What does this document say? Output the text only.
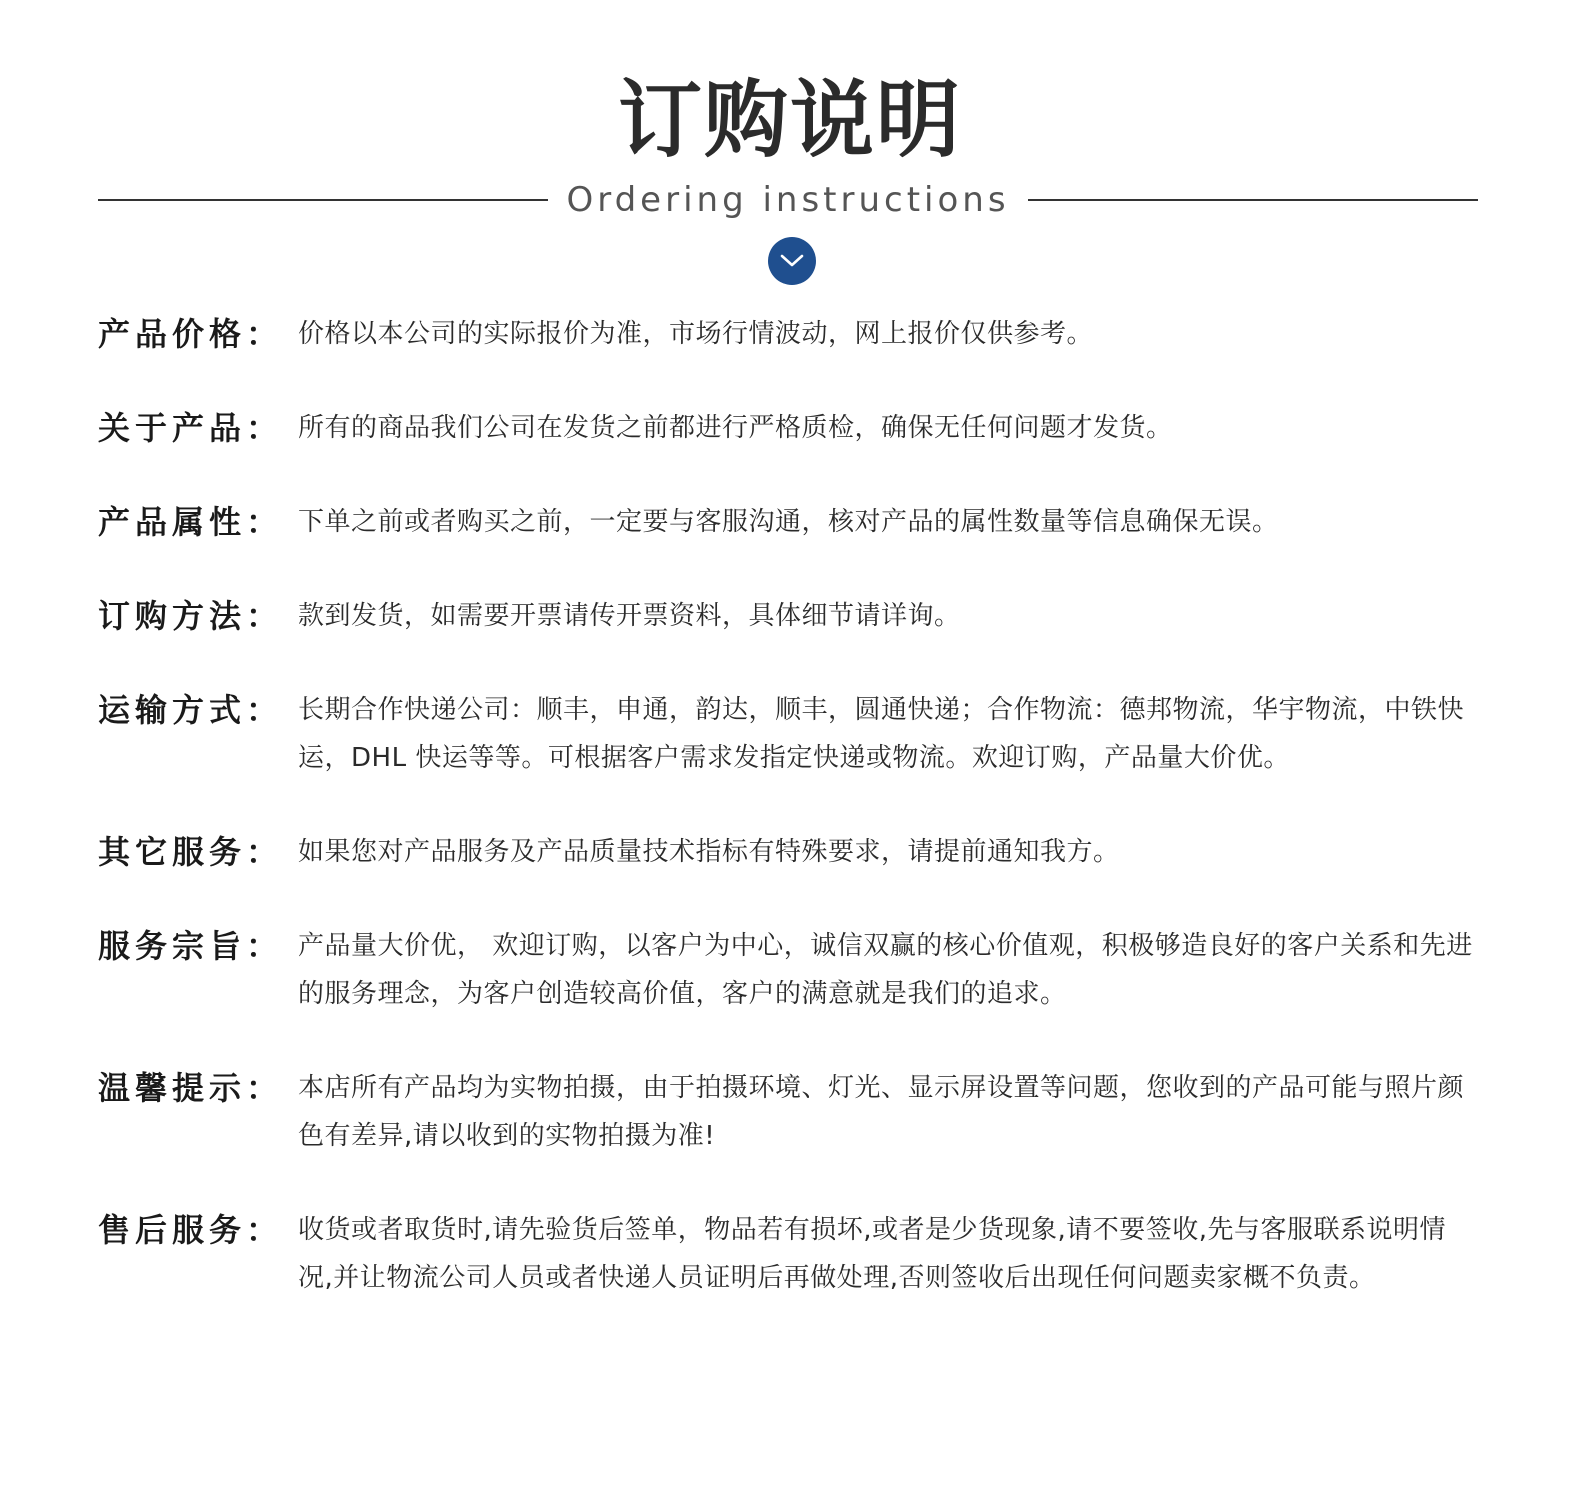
订购说明
Ordering instructions
产品价格： 价格以本公司的实际报价为准，市场行情波动，网上报价仅供参考。
关于产品： 所有的商品我们公司在发货之前都进行严格质检，确保无任何问题才发货。
产品属性： 下单之前或者购买之前，一定要与客服沟通，核对产品的属性数量等信息确保无误。
订购方法： 款到发货，如需要开票请传开票资料，具体细节请详询。
运输方式： 长期合作快递公司：顺丰，申通，韵达，顺丰，圆通快递；合作物流：德邦物流，华宇物流，中铁快运，DHL 快运等等。可根据客户需求发指定快递或物流。欢迎订购，产品量大价优。
其它服务： 如果您对产品服务及产品质量技术指标有特殊要求，请提前通知我方。
服务宗旨： 产品量大价优， 欢迎订购，以客户为中心，诚信双赢的核心价值观，积极够造良好的客户关系和先进的服务理念，为客户创造较高价值，客户的满意就是我们的追求。
温馨提示： 本店所有产品均为实物拍摄，由于拍摄环境、灯光、显示屏设置等问题，您收到的产品可能与照片颜色有差异,请以收到的实物拍摄为准!
售后服务： 收货或者取货时,请先验货后签单，物品若有损坏,或者是少货现象,请不要签收,先与客服联系说明情况,并让物流公司人员或者快递人员证明后再做处理,否则签收后出现任何问题卖家概不负责。
